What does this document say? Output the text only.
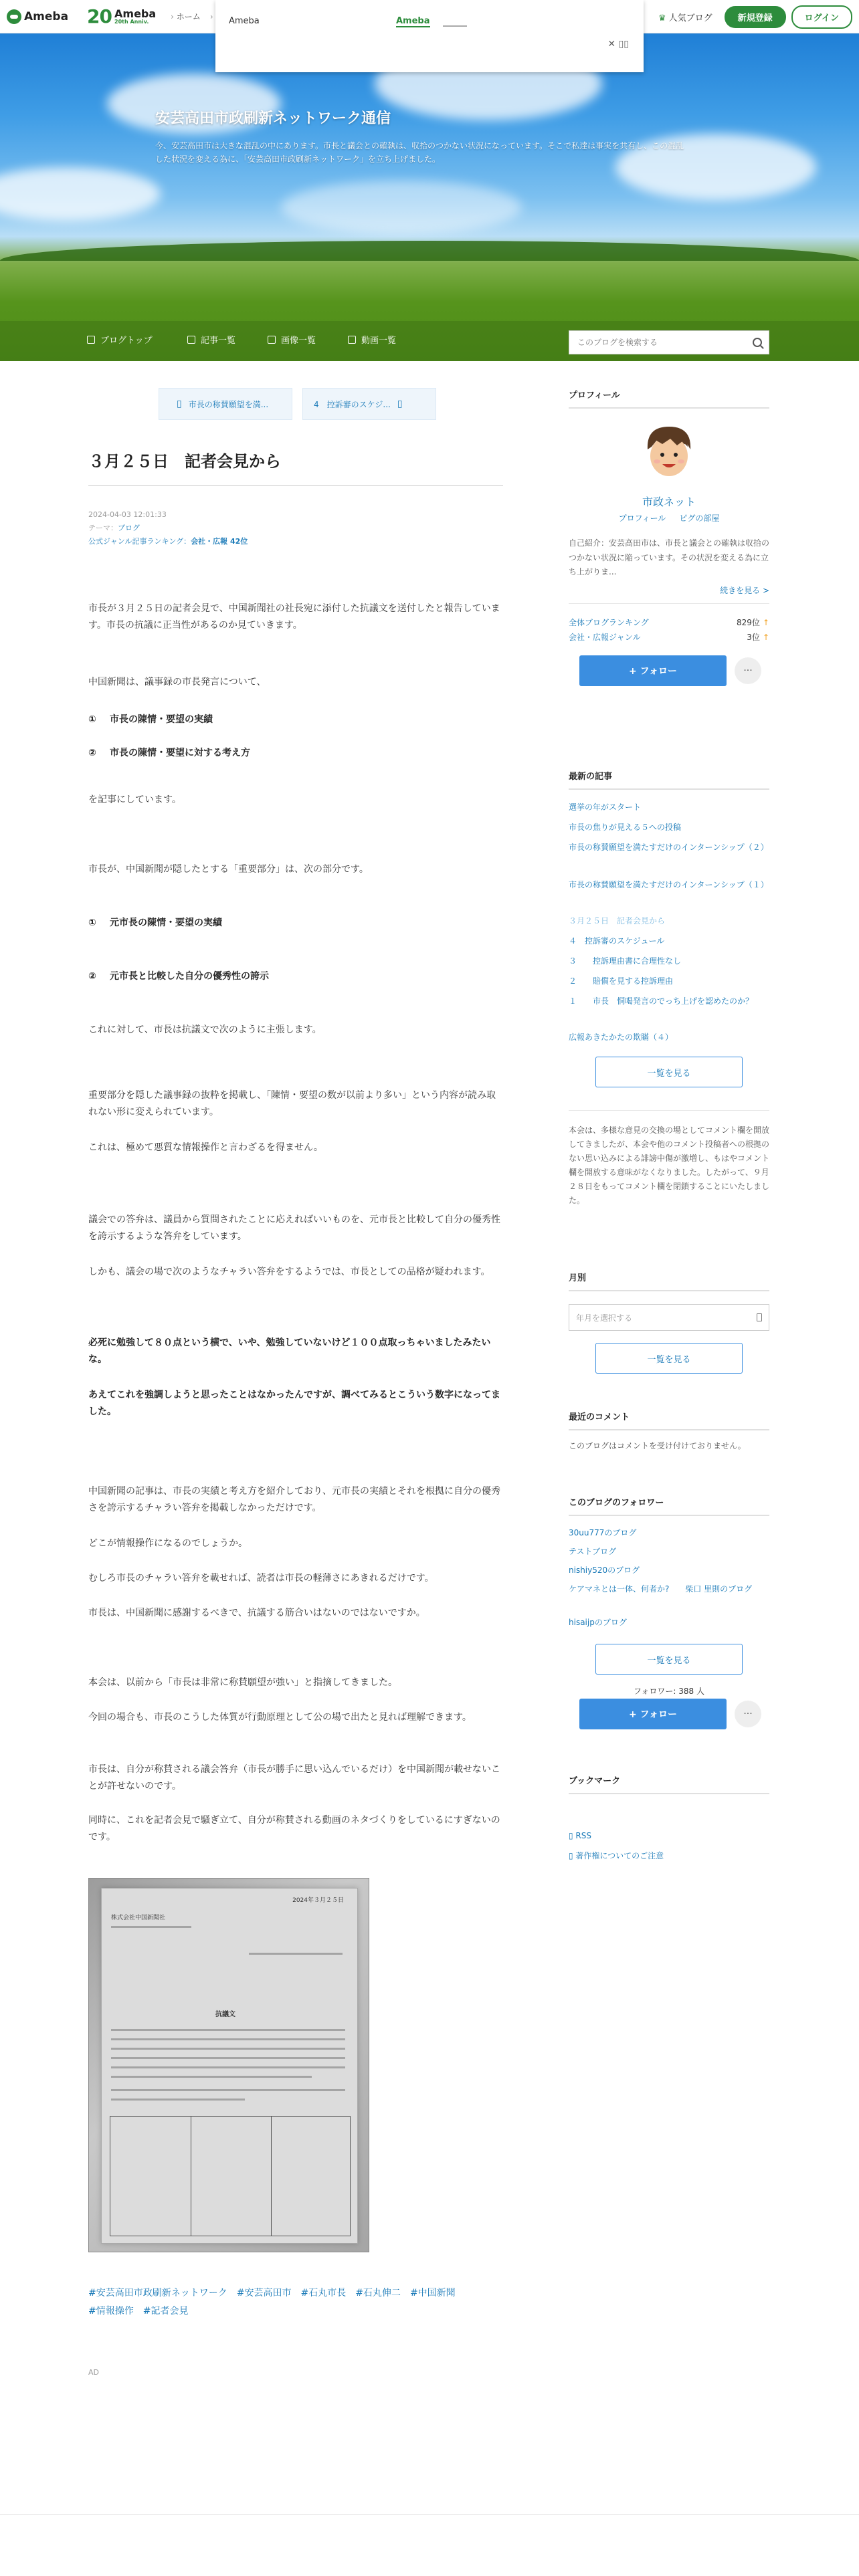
Ameba 20 Ameba
20th Anniv.	› ホーム ›	♛ 人気ブログ	新規登録	ログイン
Ameba	Ameba
✕ ▯▯
安芸高田市政刷新ネットワーク通信

今、安芸高田市は大きな混乱の中にあります。市長と議会との確執は、収拾のつかない状況になっています。そこで私達は事実を共有し、この混乱した状況を変える為に、「安芸高田市政刷新ネットワーク」を立ち上げました。

ブログトップ	記事一覧	画像一覧	動画一覧
このブログを検索する
▯ 市長の称賛願望を満...	4　控訴審のスケジ... ▯
３月２５日　記者会見から
2024-04-03 12:01:33
テーマ：ブログ
公式ジャンル記事ランキング：会社・広報 42位

市長が３月２５日の記者会見で、中国新聞社の社長宛に添付した抗議文を送付したと報告しています。市長の抗議に正当性があるのか見ていきます。

中国新聞は、議事録の市長発言について、

① 市長の陳情・要望の実績

② 市長の陳情・要望に対する考え方

を記事にしています。

市長が、中国新聞が隠したとする「重要部分」は、次の部分です。

① 元市長の陳情・要望の実績

② 元市長と比較した自分の優秀性の誇示

これに対して、市長は抗議文で次のように主張します。

重要部分を隠した議事録の抜粋を掲載し、「陳情・要望の数が以前より多い」という内容が読み取れない形に変えられています。

これは、極めて悪質な情報操作と言わざるを得ません。

議会での答弁は、議員から質問されたことに応えればいいものを、元市長と比較して自分の優秀性を誇示するような答弁をしています。

しかも、議会の場で次のようなチャラい答弁をするようでは、市長としての品格が疑われます。

必死に勉強して８０点という横で、いや、勉強していないけど１００点取っちゃいましたみたいな。

あえてこれを強調しようと思ったことはなかったんですが、調べてみるとこういう数字になってました。

中国新聞の記事は、市長の実績と考え方を紹介しており、元市長の実績とそれを根拠に自分の優秀さを誇示するチャラい答弁を掲載しなかっただけです。

どこが情報操作になるのでしょうか。

むしろ市長のチャラい答弁を載せれば、読者は市長の軽薄さにあきれるだけです。

市長は、中国新聞に感謝するべきで、抗議する筋合いはないのではないですか。

本会は、以前から「市長は非常に称賛願望が強い」と指摘してきました。

今回の場合も、市長のこうした体質が行動原理として公の場で出たと見れば理解できます。

市長は、自分が称賛される議会答弁（市長が勝手に思い込んでいるだけ）を中国新聞が載せないことが許せないのです。

同時に、これを記者会見で騒ぎ立て、自分が称賛される動画のネタづくりをしているにすぎないのです。

2024年３月２５日
株式会社中国新聞社
抗議文
#安芸高田市政刷新ネットワーク #安芸高田市 #石丸市長 #石丸伸二 #中国新聞#情報操作 #記者会見
AD
プロフィール
市政ネット
プロフィール ピグの部屋

自己紹介：安芸高田市は、市長と議会との確執は収拾のつかない状況に陥っています。その状況を変える為に立ち上がりま...

続きを見る >
全体ブログランキング	829位 ↑
会社・広報ジャンル	3位 ↑
+ フォロー	···
最新の記事
選挙の年がスタート
市長の焦りが見える５への投稿
市長の称賛願望を満たすだけのインターンシップ（２）
市長の称賛願望を満たすだけのインターンシップ（１）
３月２５日　記者会見から
４　控訴審のスケジュール
３　　控訴理由書に合理性なし
２　　賠償を見する控訴理由
１　　市長　恫喝発言のでっち上げを認めたのか？
広報あきたかたの欺瞞（４）
一覧を見る

本会は、多様な意見の交換の場としてコメント欄を開放してきましたが、本会や他のコメント投稿者への根拠のない思い込みによる誹謗中傷が激増し、もはやコメント欄を開放する意味がなくなりました。したがって、９月２８日をもってコメント欄を閉鎖することにいたしました。

月別
年月を選択する
一覧を見る
最近のコメント

このブログはコメントを受け付けておりません。

このブログのフォロワー
30uu777のブログ
テストブログ
nishiy520のブログ
ケアマネとは一体、何者か?　　柴口 里則のブログ
hisaijpのブログ
一覧を見る
フォロワー: 388 人
+ フォロー	···
ブックマーク
▯ RSS
▯ 著作権についてのご注意
